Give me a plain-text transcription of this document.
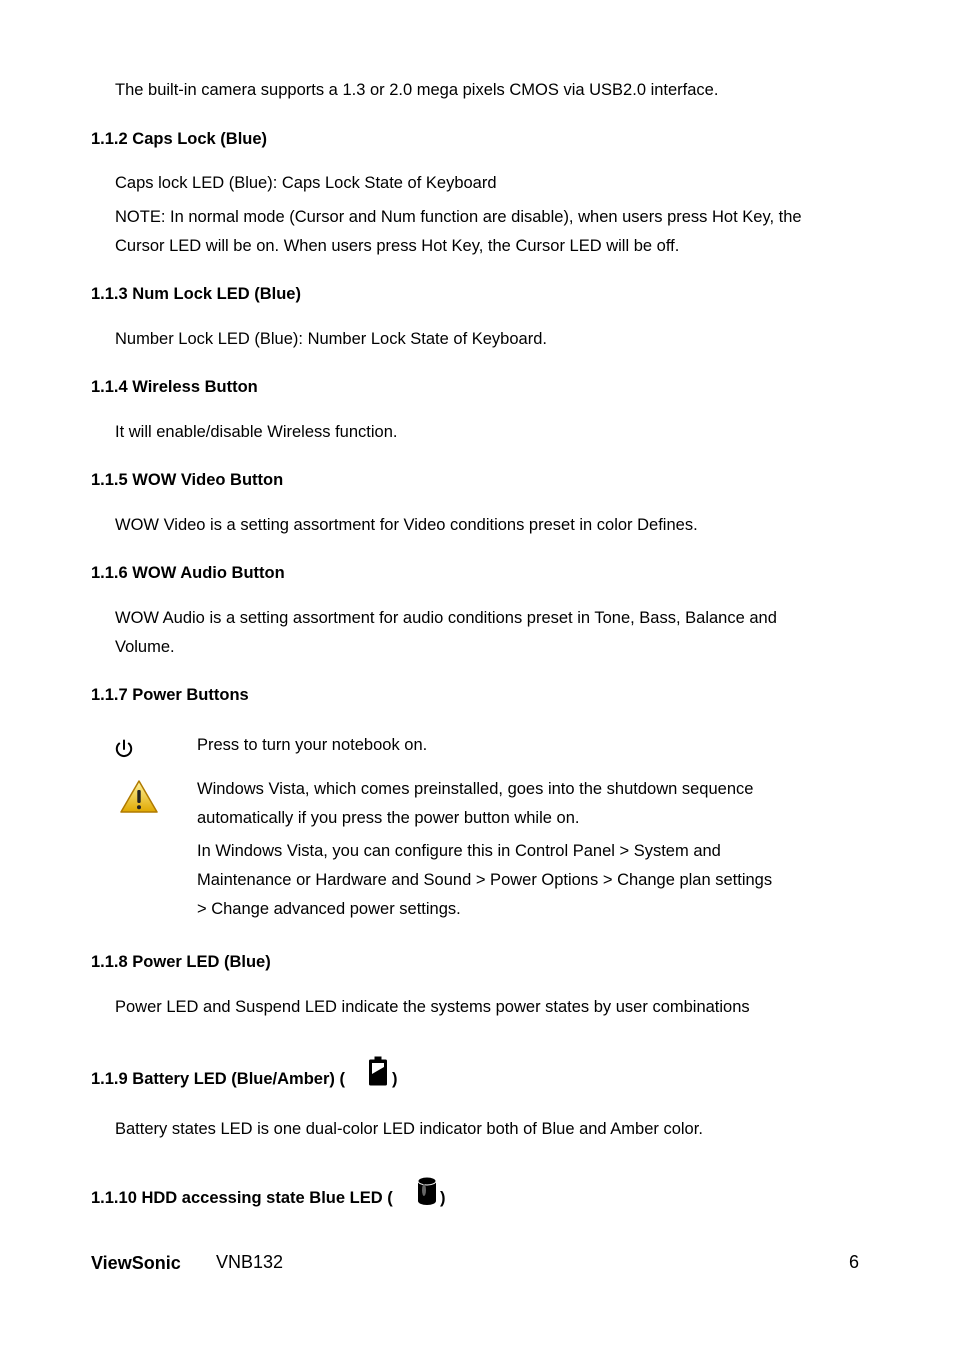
The built-in camera supports a 1.3 or 2.0 mega pixels CMOS via USB2.0 interface.
1.1.2 Caps Lock (Blue)
Caps lock LED (Blue): Caps Lock State of Keyboard
NOTE: In normal mode (Cursor and Num function are disable), when users press Hot Key, the
Cursor LED will be on. When users press Hot Key, the Cursor LED will be off.
1.1.3 Num Lock LED (Blue)
Number Lock LED (Blue): Number Lock State of Keyboard.
1.1.4 Wireless Button
It will enable/disable Wireless function.
1.1.5 WOW Video Button
WOW Video is a setting assortment for Video conditions preset in color Defines.
1.1.6 WOW Audio Button
WOW Audio is a setting assortment for audio conditions preset in Tone, Bass, Balance and
Volume.
1.1.7 Power Buttons
Press to turn your notebook on.
Windows Vista, which comes preinstalled, goes into the shutdown sequence
automatically if you press the power button while on.
In Windows Vista, you can configure this in Control Panel > System and
Maintenance or Hardware and Sound > Power Options > Change plan settings
> Change advanced power settings.
1.1.8 Power LED (Blue)
Power LED and Suspend LED indicate the systems power states by user combinations
1.1.9 Battery LED (Blue/Amber) (	)
Battery states LED is one dual-color LED indicator both of Blue and Amber color.
1.1.10 HDD accessing state Blue LED (	)
ViewSonic VNB132	6
